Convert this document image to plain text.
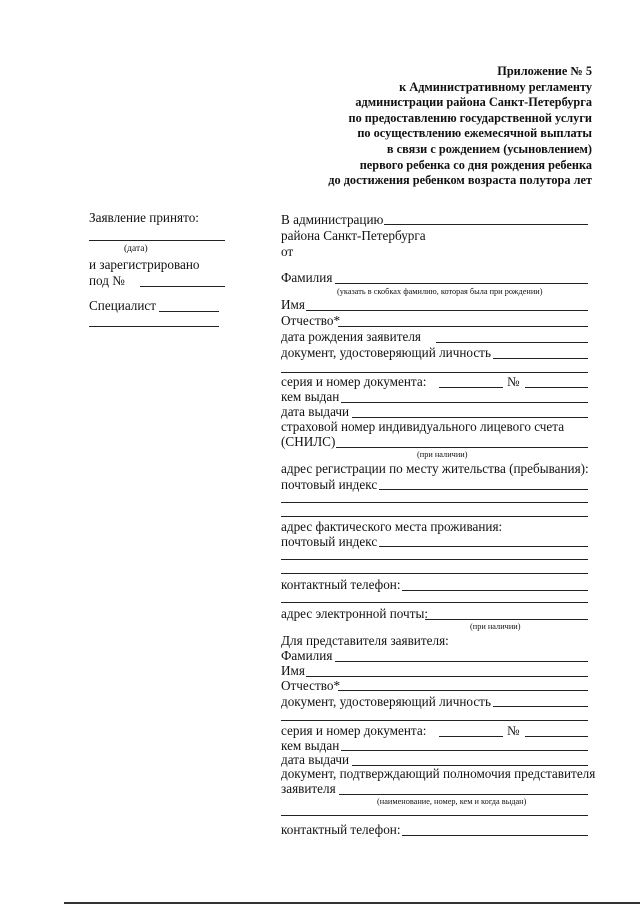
Приложение № 5
к Административному регламенту
администрации района Санкт-Петербурга
по предоставлению государственной услуги
по осуществлению ежемесячной выплаты
в связи с рождением (усыновлением)
первого ребенка со дня рождения ребенка
до достижения ребенком возраста полутора лет
Заявление принято:
(дата)
и зарегистрировано
под №
Специалист
В администрацию
района Санкт-Петербурга
от
Фамилия
(указать в скобках фамилию, которая была при рождении)
Имя
Отчество*
дата рождения заявителя
документ, удостоверяющий личность
серия и номер документа:	№
кем выдан
дата выдачи
страховой номер индивидуального лицевого счета
(СНИЛС)
(при наличии)
адрес регистрации по месту жительства (пребывания):
почтовый индекс
адрес фактического места проживания:
почтовый индекс
контактный телефон:
адрес электронной почты:
(при наличии)
Для представителя заявителя:
Фамилия
Имя
Отчество*
документ, удостоверяющий личность
серия и номер документа:	№
кем выдан
дата выдачи
документ, подтверждающий полномочия представителя
заявителя
(наименование, номер, кем и когда выдан)
контактный телефон:
